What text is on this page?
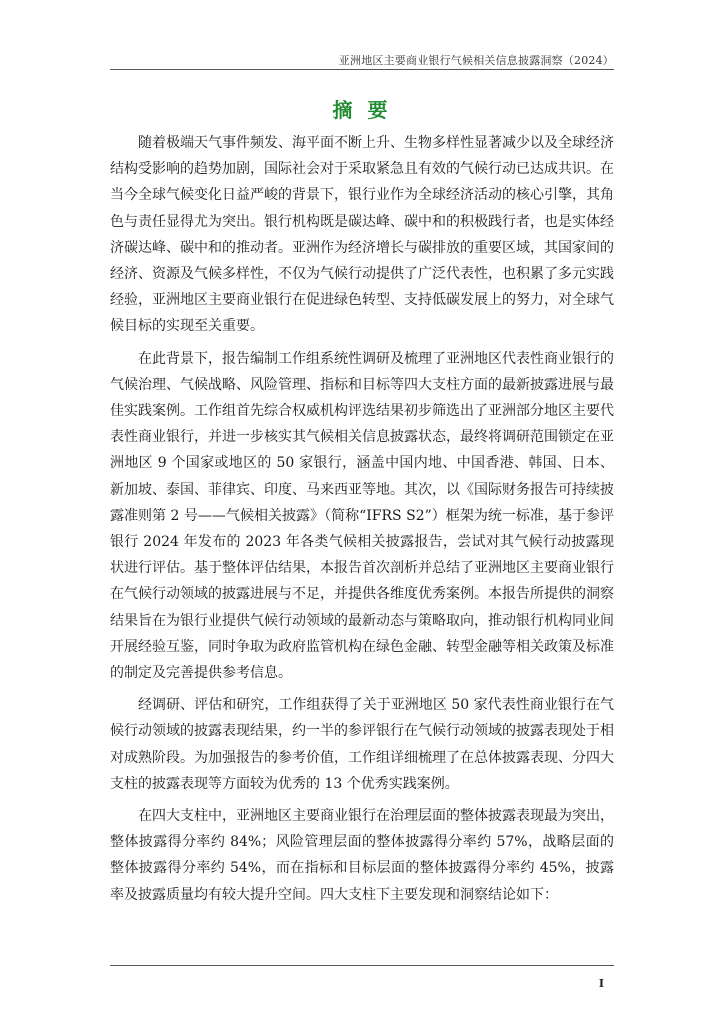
亚洲地区主要商业银行气候相关信息披露洞察（2024）
摘 要

随着极端天气事件频发、海平面不断上升、生物多样性显著减少以及全球经济结构受影响的趋势加剧，国际社会对于采取紧急且有效的气候行动已达成共识。在当今全球气候变化日益严峻的背景下，银行业作为全球经济活动的核心引擎，其角色与责任显得尤为突出。银行机构既是碳达峰、碳中和的积极践行者，也是实体经济碳达峰、碳中和的推动者。亚洲作为经济增长与碳排放的重要区域，其国家间的经济、资源及气候多样性，不仅为气候行动提供了广泛代表性，也积累了多元实践经验，亚洲地区主要商业银行在促进绿色转型、支持低碳发展上的努力，对全球气候目标的实现至关重要。

在此背景下，报告编制工作组系统性调研及梳理了亚洲地区代表性商业银行的气候治理、气候战略、风险管理、指标和目标等四大支柱方面的最新披露进展与最佳实践案例。工作组首先综合权威机构评选结果初步筛选出了亚洲部分地区主要代表性商业银行，并进一步核实其气候相关信息披露状态，最终将调研范围锁定在亚洲地区 9 个国家或地区的 50 家银行，涵盖中国内地、中国香港、韩国、日本、新加坡、泰国、菲律宾、印度、马来西亚等地。其次，以《国际财务报告可持续披露准则第 2 号——气候相关披露》（简称“IFRS S2”）框架为统一标准，基于参评银行 2024 年发布的 2023 年各类气候相关披露报告，尝试对其气候行动披露现状进行评估。基于整体评估结果，本报告首次剖析并总结了亚洲地区主要商业银行在气候行动领域的披露进展与不足，并提供各维度优秀案例。本报告所提供的洞察结果旨在为银行业提供气候行动领域的最新动态与策略取向，推动银行机构同业间开展经验互鉴，同时争取为政府监管机构在绿色金融、转型金融等相关政策及标准的制定及完善提供参考信息。

经调研、评估和研究，工作组获得了关于亚洲地区 50 家代表性商业银行在气候行动领域的披露表现结果，约一半的参评银行在气候行动领域的披露表现处于相对成熟阶段。为加强报告的参考价值，工作组详细梳理了在总体披露表现、分四大支柱的披露表现等方面较为优秀的 13 个优秀实践案例。

在四大支柱中，亚洲地区主要商业银行在治理层面的整体披露表现最为突出，整体披露得分率约 84%；风险管理层面的整体披露得分率约 57%，战略层面的整体披露得分率约 54%，而在指标和目标层面的整体披露得分率约 45%，披露率及披露质量均有较大提升空间。四大支柱下主要发现和洞察结论如下：

I
